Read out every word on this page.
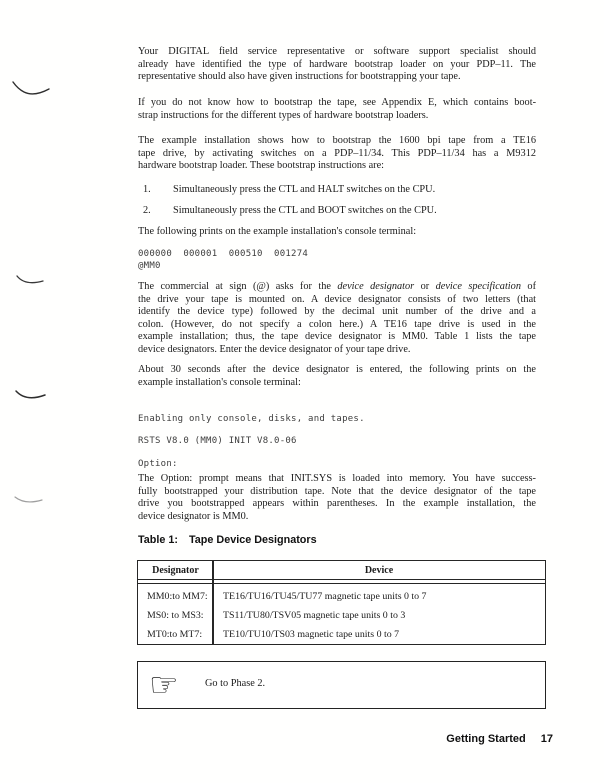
Your DIGITAL field service representative or software support specialist should
already have identified the type of hardware bootstrap loader on your PDP–11. The
representative should also have given instructions for bootstrapping your tape.
If you do not know how to bootstrap the tape, see Appendix E, which contains boot-
strap instructions for the different types of hardware bootstrap loaders.
The example installation shows how to bootstrap the 1600 bpi tape from a TE16
tape drive, by activating switches on a PDP–11/34. This PDP–11/34 has a M9312
hardware bootstrap loader. These bootstrap instructions are:
1.	Simultaneously press the CTL and HALT switches on the CPU.
2.	Simultaneously press the CTL and BOOT switches on the CPU.
The following prints on the example installation's console terminal:
000000  000001  000510  001274
@MM0
The commercial at sign (@) asks for the device designator or device specification of
the drive your tape is mounted on. A device designator consists of two letters (that
identify the device type) followed by the decimal unit number of the drive and a
colon. (However, do not specify a colon here.) A TE16 tape drive is used in the
example installation; thus, the tape device designator is MM0. Table 1 lists the tape
device designators. Enter the device designator of your tape drive.
About 30 seconds after the device designator is entered, the following prints on the
example installation's console terminal:
Enabling only console, disks, and tapes.
RSTS V8.0 (MM0) INIT V8.0-06
Option:
The Option: prompt means that INIT.SYS is loaded into memory. You have success-
fully bootstrapped your distribution tape. Note that the device designator of the tape
drive you bootstrapped appears within parentheses. In the example installation, the
device designator is MM0.
Table 1: Tape Device Designators
Designator	Device
MM0:to MM7:	TE16/TU16/TU45/TU77 magnetic tape units 0 to 7
MS0: to MS3:	TS11/TU80/TSV05 magnetic tape units 0 to 3
MT0:to MT7:	TE10/TU10/TS03 magnetic tape units 0 to 7
☞	Go to Phase 2.
Getting Started 17
